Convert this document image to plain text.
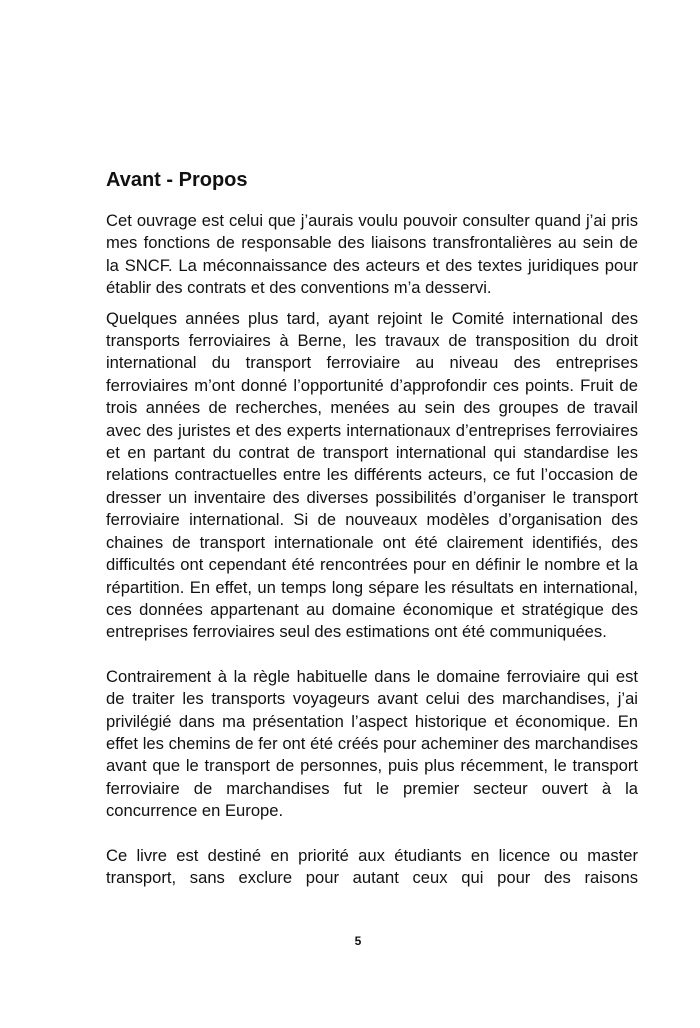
Avant - Propos

Cet ouvrage est celui que j’aurais voulu pouvoir consulter quand j’ai pris mes fonctions de responsable des liaisons transfrontalières au sein de la SNCF. La méconnaissance des acteurs et des textes juridiques pour établir des contrats et des conventions m’a desservi.

Quelques années plus tard, ayant rejoint le Comité international des transports ferroviaires à Berne, les travaux de transposition du droit international du transport ferroviaire au niveau des entreprises ferroviaires m’ont donné l’opportunité d’approfondir ces points. Fruit de trois années de recherches, menées au sein des groupes de travail avec des juristes et des experts internationaux d’entreprises ferroviaires et en partant du contrat de transport international qui standardise les relations contractuelles entre les différents acteurs, ce fut l’occasion de dresser un inventaire des diverses possibilités d’organiser le transport ferroviaire international. Si de nouveaux modèles d’organisation des chaines de transport internationale ont été clairement identifiés, des difficultés ont cependant été rencontrées pour en définir le nombre et la répartition. En effet, un temps long sépare les résultats en international, ces données appartenant au domaine économique et stratégique des entreprises ferroviaires seul des estimations ont été communiquées.

Contrairement à la règle habituelle dans le domaine ferroviaire qui est de traiter les transports voyageurs avant celui des marchandises, j’ai privilégié dans ma présentation l’aspect historique et économique. En effet les chemins de fer ont été créés pour acheminer des marchandises avant que le transport de personnes, puis plus récemment, le transport ferroviaire de marchandises fut le premier secteur ouvert à la concurrence en Europe.

Ce livre est destiné en priorité aux étudiants en licence ou master transport, sans exclure pour autant ceux qui pour des raisons

5
